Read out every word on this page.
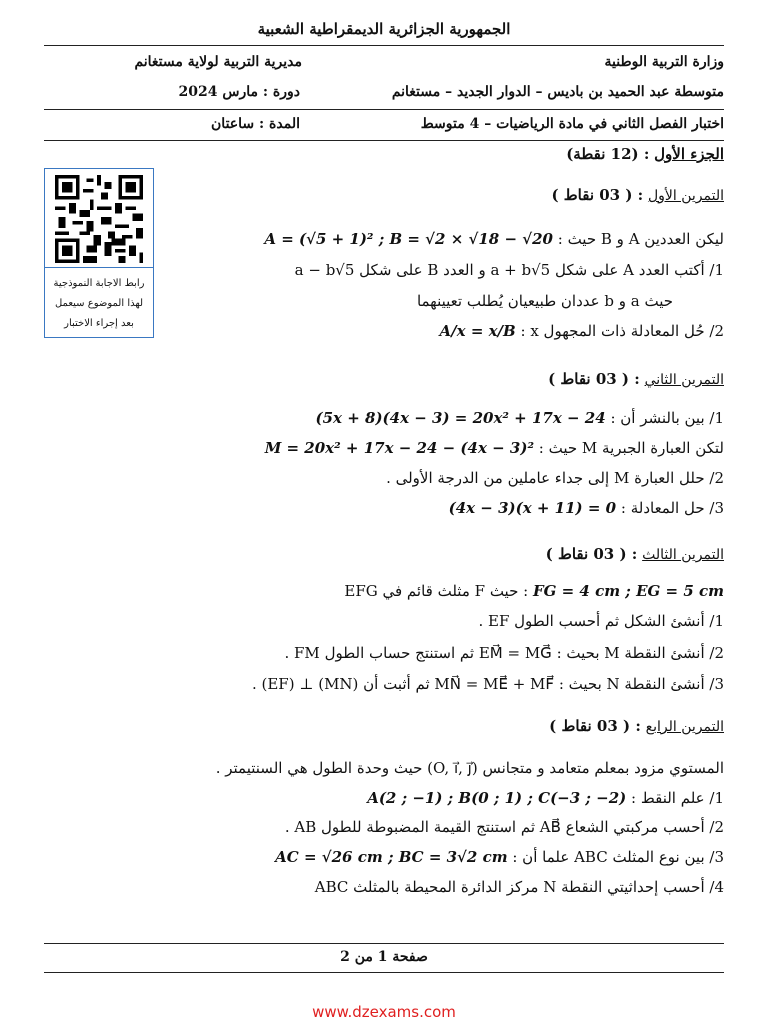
الجمهورية الجزائرية الديمقراطية الشعبية
وزارة التربية الوطنية
مديرية التربية لولاية مستغانم
متوسطة عبد الحميد بن باديس – الدوار الجديد – مستغانم
دورة : مارس 2024
اختبار الفصل الثاني في مادة الرياضيات – 4 متوسط
المدة : ساعتان
الجزء الأول : (12 نقطة)
رابط الاجابة النموذجية لهذا الموضوع سيعمل بعد إجراء الاختبار
التمرين الأول : ( 03 نقاط )
ليكن العددين A و B حيث : A = (√5 + 1)² ; B = √2 × √18 − √20
1/ أكتب العدد A على شكل a + b√5 و العدد B على شكل a − b√5
حيث a و b عددان طبيعيان يُطلب تعيينهما
2/ حُل المعادلة ذات المجهول x : A/x = x/B
التمرين الثاني : ( 03 نقاط )
1/ بين بالنشر أن : (5x + 8)(4x − 3) = 20x² + 17x − 24
لتكن العبارة الجبرية M حيث : M = 20x² + 17x − 24 − (4x − 3)²
2/ حلل العبارة M إلى جداء عاملين من الدرجة الأولى .
3/ حل المعادلة : (4x − 3)(x + 11) = 0
التمرين الثالث : ( 03 نقاط )
EFG مثلث قائم في F حيث : FG = 4 cm ; EG = 5 cm
1/ أنشئ الشكل ثم أحسب الطول EF .
2/ أنشئ النقطة M بحيث : EM⃗ = MG⃗ ثم استنتج حساب الطول FM .
3/ أنشئ النقطة N بحيث : MN⃗ = ME⃗ + MF⃗ ثم أثبت أن (MN) ⊥ (EF) .
التمرين الرابع : ( 03 نقاط )
المستوي مزود بمعلم متعامد و متجانس (O, i⃗, j⃗) حيث وحدة الطول هي السنتيمتر .
1/ علم النقط : A(2 ; −1) ; B(0 ; 1) ; C(−3 ; −2)
2/ أحسب مركبتي الشعاع AB⃗ ثم استنتج القيمة المضبوطة للطول AB .
3/ بين نوع المثلث ABC علما أن : AC = √26 cm ; BC = 3√2 cm
4/ أحسب إحداثيتي النقطة N مركز الدائرة المحيطة بالمثلث ABC
صفحة 1 من 2
www.dzexams.com
